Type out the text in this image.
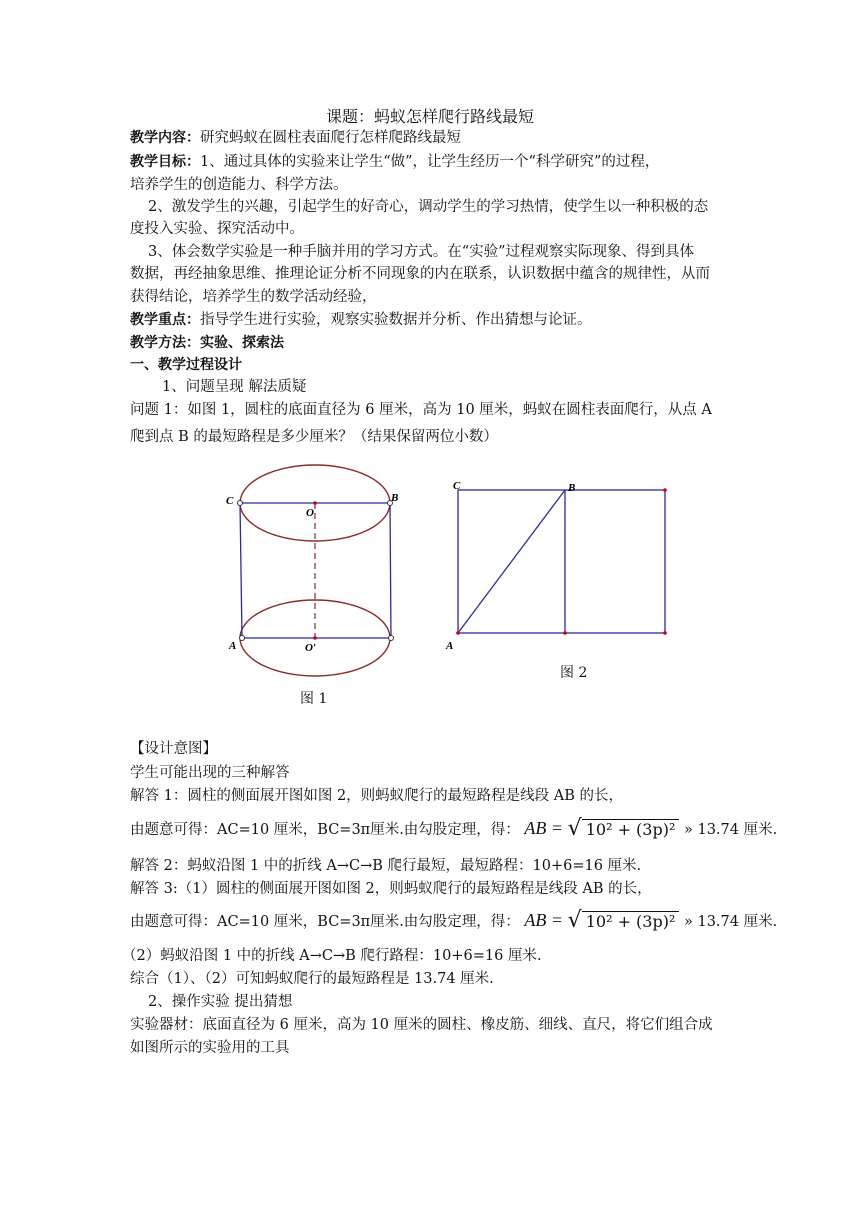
课题：蚂蚁怎样爬行路线最短
教学内容：研究蚂蚁在圆柱表面爬行怎样爬路线最短
教学目标：1、通过具体的实验来让学生“做”，让学生经历一个“科学研究”的过程，
培养学生的创造能力、科学方法。
2、激发学生的兴趣，引起学生的好奇心，调动学生的学习热情，使学生以一种积极的态
度投入实验、探究活动中。
3、体会数学实验是一种手脑并用的学习方式。在“实验”过程观察实际现象、得到具体
数据，再经抽象思维、推理论证分析不同现象的内在联系，认识数据中蕴含的规律性，从而
获得结论，培养学生的数学活动经验，
教学重点：指导学生进行实验，观察实验数据并分析、作出猜想与论证。
教学方法：实验、探索法
一、教学过程设计
1、问题呈现 解法质疑
问题 1：如图 1，圆柱的底面直径为 6 厘米，高为 10 厘米，蚂蚁在圆柱表面爬行，从点 A
爬到点 B 的最短路程是多少厘米？（结果保留两位小数）
C	B
O
A	O′
图 1
C	B
A
图 2
【设计意图】
学生可能出现的三种解答
解答 1：圆柱的侧面展开图如图 2，则蚂蚁爬行的最短路程是线段 AB 的长，
由题意可得：AC=10 厘米，BC=3π厘米.由勾股定理，得： AB = √ 10² + (3p)² » 13.74 厘米.
解答 2：蚂蚁沿图 1 中的折线 A→C→B 爬行最短，最短路程：10+6=16 厘米.
解答 3:（1）圆柱的侧面展开图如图 2，则蚂蚁爬行的最短路程是线段 AB 的长，
由题意可得：AC=10 厘米，BC=3π厘米.由勾股定理，得： AB = √ 10² + (3p)² » 13.74 厘米.
（2）蚂蚁沿图 1 中的折线 A→C→B 爬行路程：10+6=16 厘米.
综合（1）、（2）可知蚂蚁爬行的最短路程是 13.74 厘米.
2、操作实验 提出猜想
实验器材：底面直径为 6 厘米，高为 10 厘米的圆柱、橡皮筋、细线、直尺，将它们组合成
如图所示的实验用的工具
